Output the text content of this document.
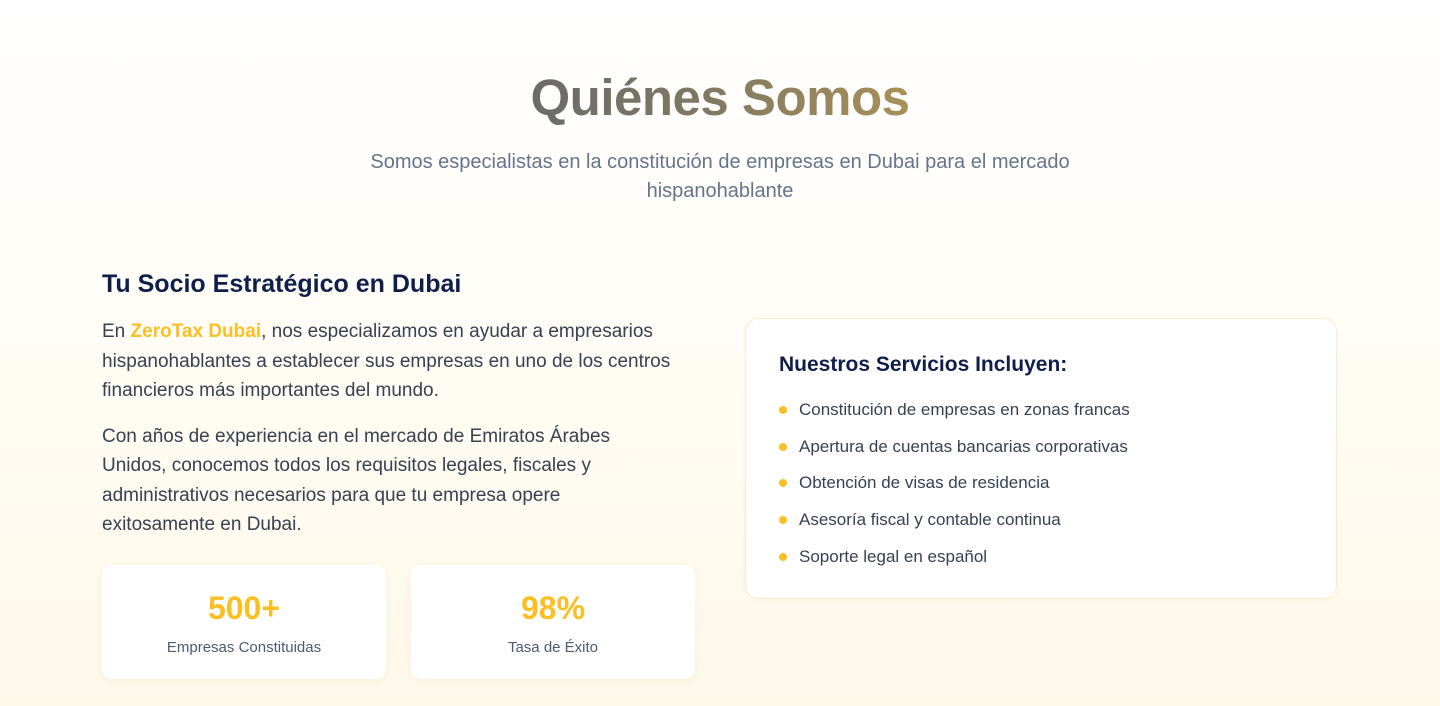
Quiénes Somos

Somos especialistas en la constitución de empresas en Dubai para el mercado hispanohablante

Tu Socio Estratégico en Dubai

En ZeroTax Dubai, nos especializamos en ayudar a empresarios hispanohablantes a establecer sus empresas en uno de los centros financieros más importantes del mundo.

Con años de experiencia en el mercado de Emiratos Árabes Unidos, conocemos todos los requisitos legales, fiscales y administrativos necesarios para que tu empresa opere exitosamente en Dubai.

500+
Empresas Constituidas
98%
Tasa de Éxito
Nuestros Servicios Incluyen:
Constitución de empresas en zonas francas
Apertura de cuentas bancarias corporativas
Obtención de visas de residencia
Asesoría fiscal y contable continua
Soporte legal en español
